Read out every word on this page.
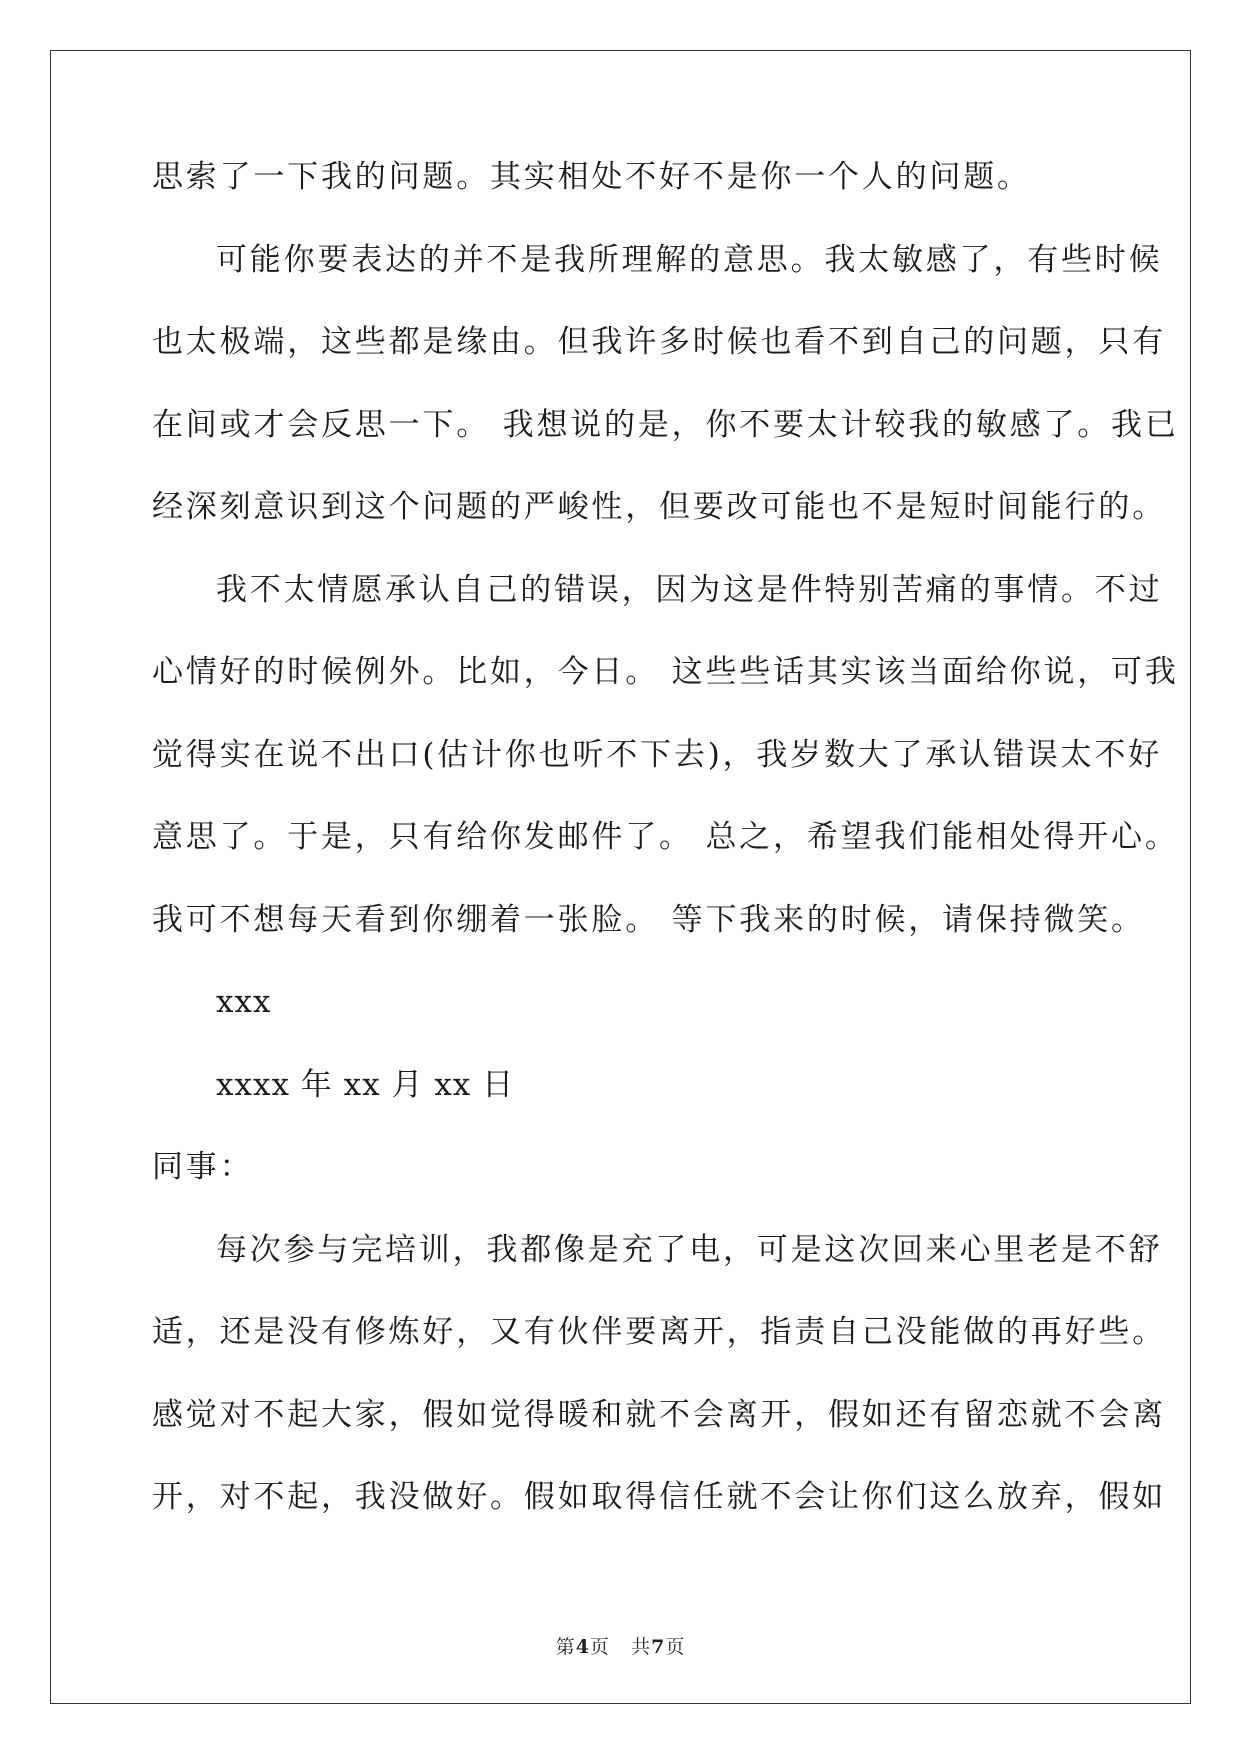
思索了一下我的问题。其实相处不好不是你一个人的问题。
可能你要表达的并不是我所理解的意思。我太敏感了，有些时候
也太极端，这些都是缘由。但我许多时候也看不到自己的问题，只有
在间或才会反思一下。 我想说的是，你不要太计较我的敏感了。我已
经深刻意识到这个问题的严峻性，但要改可能也不是短时间能行的。
我不太情愿承认自己的错误，因为这是件特别苦痛的事情。不过
心情好的时候例外。比如，今日。 这些些话其实该当面给你说，可我
觉得实在说不出口(估计你也听不下去)，我岁数大了承认错误太不好
意思了。于是，只有给你发邮件了。 总之，希望我们能相处得开心。
我可不想每天看到你绷着一张脸。 等下我来的时候，请保持微笑。
xxx
xxxx 年 xx 月 xx 日
同事：
每次参与完培训，我都像是充了电，可是这次回来心里老是不舒
适，还是没有修炼好，又有伙伴要离开，指责自己没能做的再好些。
感觉对不起大家，假如觉得暖和就不会离开，假如还有留恋就不会离
开，对不起，我没做好。假如取得信任就不会让你们这么放弃，假如
第4页 共7页
